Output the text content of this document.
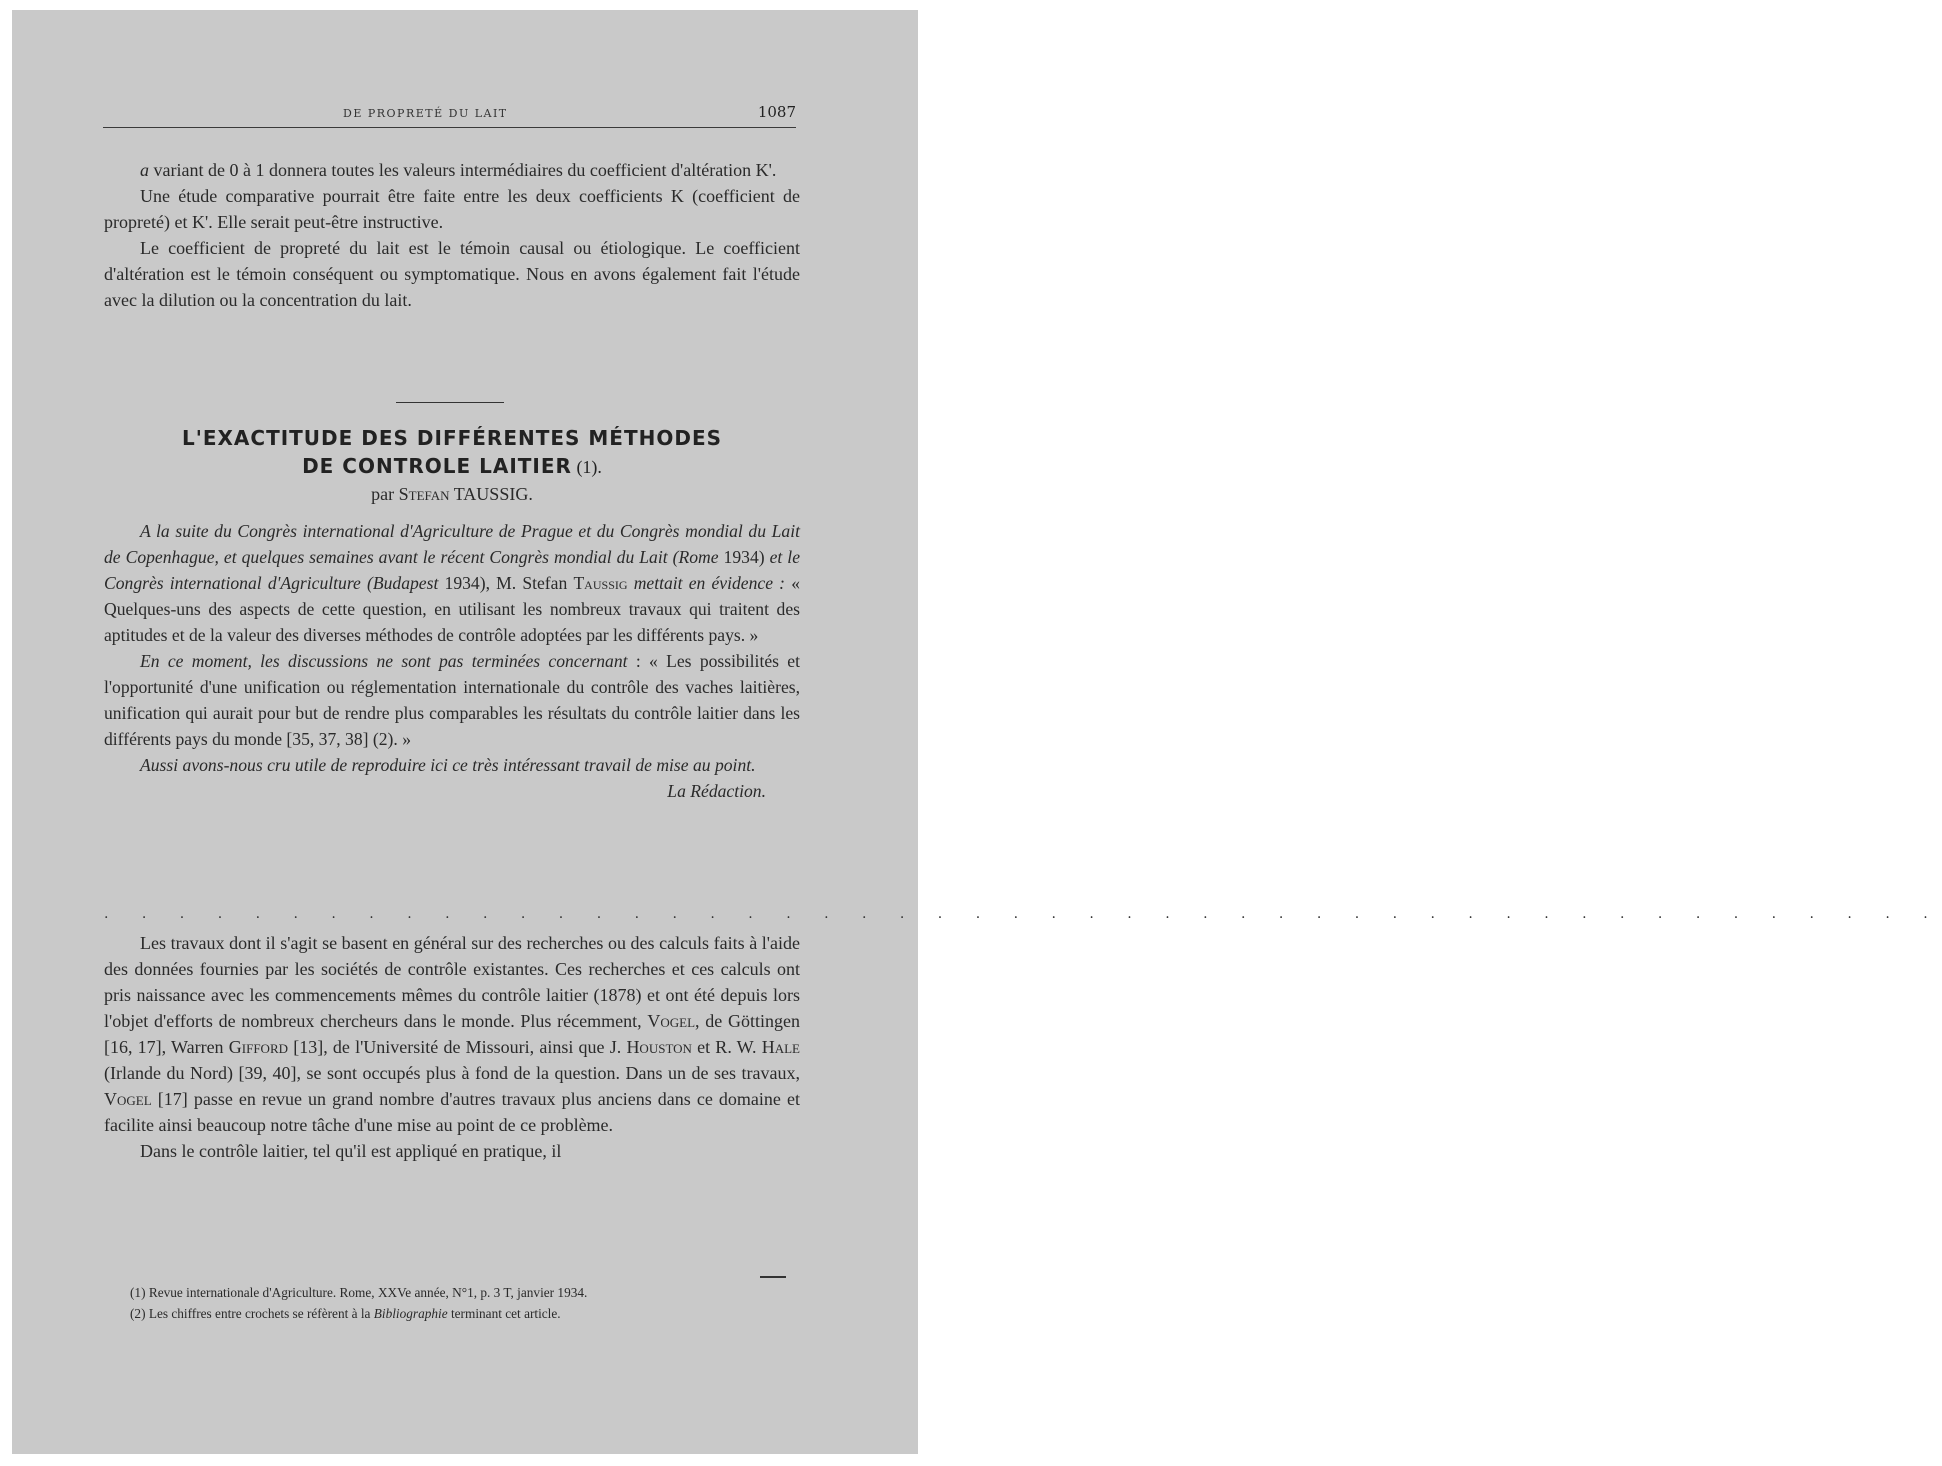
DE PROPRETÉ DU LAIT	1087

a variant de 0 à 1 donnera toutes les valeurs intermédiaires du coefficient d'altération K'.

Une étude comparative pourrait être faite entre les deux coefficients K (coefficient de propreté) et K'. Elle serait peut-être instructive.

Le coefficient de propreté du lait est le témoin causal ou étiologique. Le coefficient d'altération est le témoin conséquent ou symptomatique. Nous en avons également fait l'étude avec la dilution ou la concentration du lait.

L'EXACTITUDE DES DIFFÉRENTES MÉTHODES
DE CONTROLE LAITIER (1).
par Stefan TAUSSIG.

A la suite du Congrès international d'Agriculture de Prague et du Congrès mondial du Lait de Copenhague, et quelques semaines avant le récent Congrès mondial du Lait (Rome 1934) et le Congrès international d'Agriculture (Budapest 1934), M. Stefan Taussig mettait en évidence : « Quelques-uns des aspects de cette question, en utilisant les nombreux travaux qui traitent des aptitudes et de la valeur des diverses méthodes de contrôle adoptées par les différents pays. »

En ce moment, les discussions ne sont pas terminées concernant : « Les possibilités et l'opportunité d'une unification ou réglementation internationale du contrôle des vaches laitières, unification qui aurait pour but de rendre plus comparables les résultats du contrôle laitier dans les différents pays du monde [35, 37, 38] (2). »

Aussi avons-nous cru utile de reproduire ici ce très intéressant travail de mise au point.

La Rédaction.
. . . . . . . . . . . . . . . . . . . . . . . . . . . . . . . . . . . . . . . . . . . . . . . . .

Les travaux dont il s'agit se basent en général sur des recherches ou des calculs faits à l'aide des données fournies par les sociétés de contrôle existantes. Ces recherches et ces calculs ont pris naissance avec les commencements mêmes du contrôle laitier (1878) et ont été depuis lors l'objet d'efforts de nombreux chercheurs dans le monde. Plus récemment, Vogel, de Göttingen [16, 17], Warren Gifford [13], de l'Université de Missouri, ainsi que J. Houston et R. W. Hale (Irlande du Nord) [39, 40], se sont occupés plus à fond de la question. Dans un de ses travaux, Vogel [17] passe en revue un grand nombre d'autres travaux plus anciens dans ce domaine et facilite ainsi beaucoup notre tâche d'une mise au point de ce problème.

Dans le contrôle laitier, tel qu'il est appliqué en pratique, il

(1) Revue internationale d'Agriculture. Rome, XXVe année, N°1, p. 3 T, janvier 1934.
(2) Les chiffres entre crochets se réfèrent à la Bibliographie terminant cet article.
